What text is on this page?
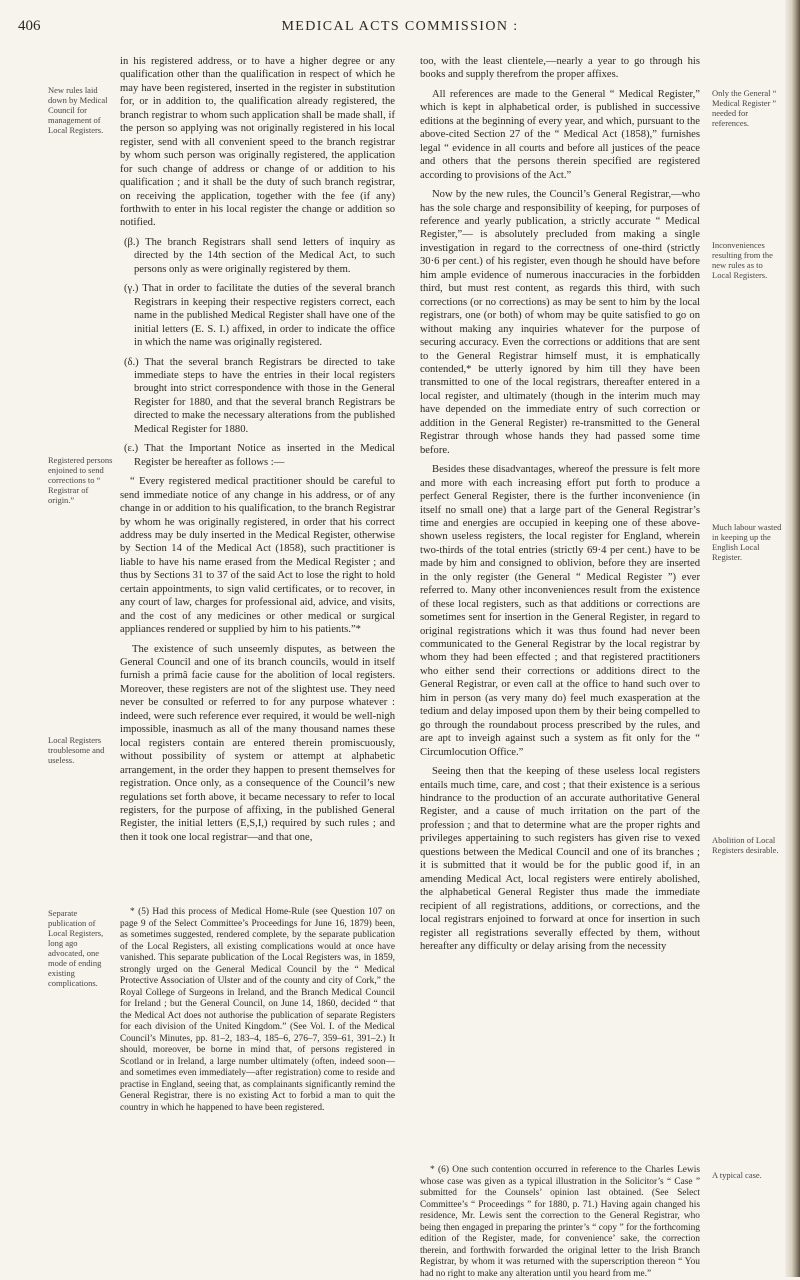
406	MEDICAL ACTS COMMISSION :
New rules laid down by Medical Council for management of Local Registers.
Registered persons enjoined to send corrections to “ Registrar of origin.”
Local Registers troublesome and useless.
Separate publication of Local Registers, long ago advocated, one mode of ending existing complications.
Only the General “ Medical Register ” needed for references.
Inconveniences resulting from the new rules as to Local Registers.
Much labour wasted in keeping up the English Local Register.
Abolition of Local Registers desirable.
A typical case.

in his registered address, or to have a higher degree or any qualification other than the qualification in respect of which he may have been registered, inserted in the register in substitution for, or in addition to, the qualification already registered, the branch registrar to whom such application shall be made shall, if the person so applying was not originally registered in his local register, send with all convenient speed to the branch registrar by whom such person was originally registered, the application for such change of address or change of or addition to his qualification ; and it shall be the duty of such branch registrar, on receiving the application, together with the fee (if any) forthwith to enter in his local register the change or addition so notified.

(β.) The branch Registrars shall send letters of inquiry as directed by the 14th section of the Medical Act, to such persons only as were originally registered by them.

(γ.) That in order to facilitate the duties of the several branch Registrars in keeping their respective registers correct, each name in the published Medical Register shall have one of the initial letters (E. S. I.) affixed, in order to indicate the office in which the name was originally registered.

(δ.) That the several branch Registrars be directed to take immediate steps to have the entries in their local registers brought into strict correspondence with those in the General Register for 1880, and that the several branch Registrars be directed to make the necessary alterations from the published Medical Register for 1880.

(ε.) That the Important Notice as inserted in the Medical Register be hereafter as follows :—

“ Every registered medical practitioner should be careful to send immediate notice of any change in his address, or of any change in or addition to his qualification, to the branch Registrar by whom he was originally registered, in order that his correct address may be duly inserted in the Medical Register, otherwise by Section 14 of the Medical Act (1858), such practitioner is liable to have his name erased from the Medical Register ; and thus by Sections 31 to 37 of the said Act to lose the right to hold certain appointments, to sign valid certificates, or to recover, in any court of law, charges for professional aid, advice, and visits, and the cost of any medicines or other medical or surgical appliances rendered or supplied by him to his patients.”*

The existence of such unseemly disputes, as between the General Council and one of its branch councils, would in itself furnish a primâ facie cause for the abolition of local registers. Moreover, these registers are not of the slightest use. They need never be consulted or referred to for any purpose whatever : indeed, were such reference ever required, it would be well-nigh impossible, inasmuch as all of the many thousand names these local registers contain are entered therein promiscuously, without possibility of system or attempt at alphabetic arrangement, in the order they happen to present themselves for registration. Once only, as a consequence of the Council’s new regulations set forth above, it became necessary to refer to local registers, for the purpose of affixing, in the published General Register, the initial letters (E,S,I,) required by such rules ; and then it took one local registrar—and that one,

* (5) Had this process of Medical Home-Rule (see Question 107 on page 9 of the Select Committee’s Proceedings for June 16, 1879) been, as sometimes suggested, rendered complete, by the separate publication of the Local Registers, all existing complications would at once have vanished. This separate publication of the Local Registers was, in 1859, strongly urged on the General Medical Council by the “ Medical Protective Association of Ulster and of the county and city of Cork,” the Royal College of Surgeons in Ireland, and the Branch Medical Council for Ireland ; but the General Council, on June 14, 1860, decided “ that the Medical Act does not authorise the publication of separate Registers for each division of the United Kingdom.” (See Vol. I. of the Medical Council’s Minutes, pp. 81–2, 183–4, 185–6, 276–7, 359–61, 391–2.) It should, moreover, be borne in mind that, of persons registered in Scotland or in Ireland, a large number ultimately (often, indeed soon—and sometimes even immediately—after registration) come to reside and practise in England, seeing that, as complainants significantly remind the General Registrar, there is no existing Act to forbid a man to quit the country in which he happened to have been registered.

too, with the least clientele,—nearly a year to go through his books and supply therefrom the proper affixes.

All references are made to the General “ Medical Register,” which is kept in alphabetical order, is published in successive editions at the beginning of every year, and which, pursuant to the above-cited Section 27 of the “ Medical Act (1858),” furnishes legal “ evidence in all courts and before all justices of the peace and others that the persons therein specified are registered according to provisions of the Act.”

Now by the new rules, the Council’s General Registrar,—who has the sole charge and responsibility of keeping, for purposes of reference and yearly publication, a strictly accurate “ Medical Register,”— is absolutely precluded from making a single investigation in regard to the correctness of one-third (strictly 30·6 per cent.) of his register, even though he should have before him ample evidence of numerous inaccuracies in the forbidden third, but must rest content, as regards this third, with such corrections (or no corrections) as may be sent to him by the local registrars, one (or both) of whom may be quite satisfied to go on without making any inquiries whatever for the purpose of securing accuracy. Even the corrections or additions that are sent to the General Registrar himself must, it is emphatically contended,* be utterly ignored by him till they have been transmitted to one of the local registrars, thereafter entered in a local register, and ultimately (though in the interim much may have depended on the immediate entry of such correction or addition in the General Register) re-transmitted to the General Registrar through whose hands they had passed some time before.

Besides these disadvantages, whereof the pressure is felt more and more with each increasing effort put forth to produce a perfect General Register, there is the further inconvenience (in itself no small one) that a large part of the General Registrar’s time and energies are occupied in keeping one of these above-shown useless registers, the local register for England, wherein two-thirds of the total entries (strictly 69·4 per cent.) have to be made by him and consigned to oblivion, before they are inserted in the only register (the General “ Medical Register ”) ever referred to. Many other inconveniences result from the existence of these local registers, such as that additions or corrections are sometimes sent for insertion in the General Register, in regard to original registrations which it was thus found had never been communicated to the General Registrar by the local registrar by whom they had been effected ; and that registered practitioners who either send their corrections or additions direct to the General Registrar, or even call at the office to hand such over to him in person (as very many do) feel much exasperation at the tedium and delay imposed upon them by their being compelled to go through the roundabout process prescribed by the rules, and are apt to inveigh against such a system as fit only for the “ Circumlocution Office.”

Seeing then that the keeping of these useless local registers entails much time, care, and cost ; that their existence is a serious hindrance to the production of an accurate authoritative General Register, and a cause of much irritation on the part of the profession ; and that to determine what are the proper rights and privileges appertaining to such registers has given rise to vexed questions between the Medical Council and one of its branches ; it is submitted that it would be for the public good if, in an amending Medical Act, local registers were entirely abolished, the alphabetical General Register thus made the immediate recipient of all registrations, additions, or corrections, and the local registrars enjoined to forward at once for insertion in such register all registrations severally effected by them, without hereafter any difficulty or delay arising from the necessity

* (6) One such contention occurred in reference to the Charles Lewis whose case was given as a typical illustration in the Solicitor’s “ Case ” submitted for the Counsels’ opinion last obtained. (See Select Committee’s “ Proceedings ” for 1880, p. 71.) Having again changed his residence, Mr. Lewis sent the correction to the General Registrar, who being then engaged in preparing the printer’s “ copy ” for the forthcoming edition of the Register, made, for convenience’ sake, the correction therein, and forthwith forwarded the original letter to the Irish Branch Registrar, by whom it was returned with the superscription thereon “ You had no right to make any alteration until you heard from me.”
